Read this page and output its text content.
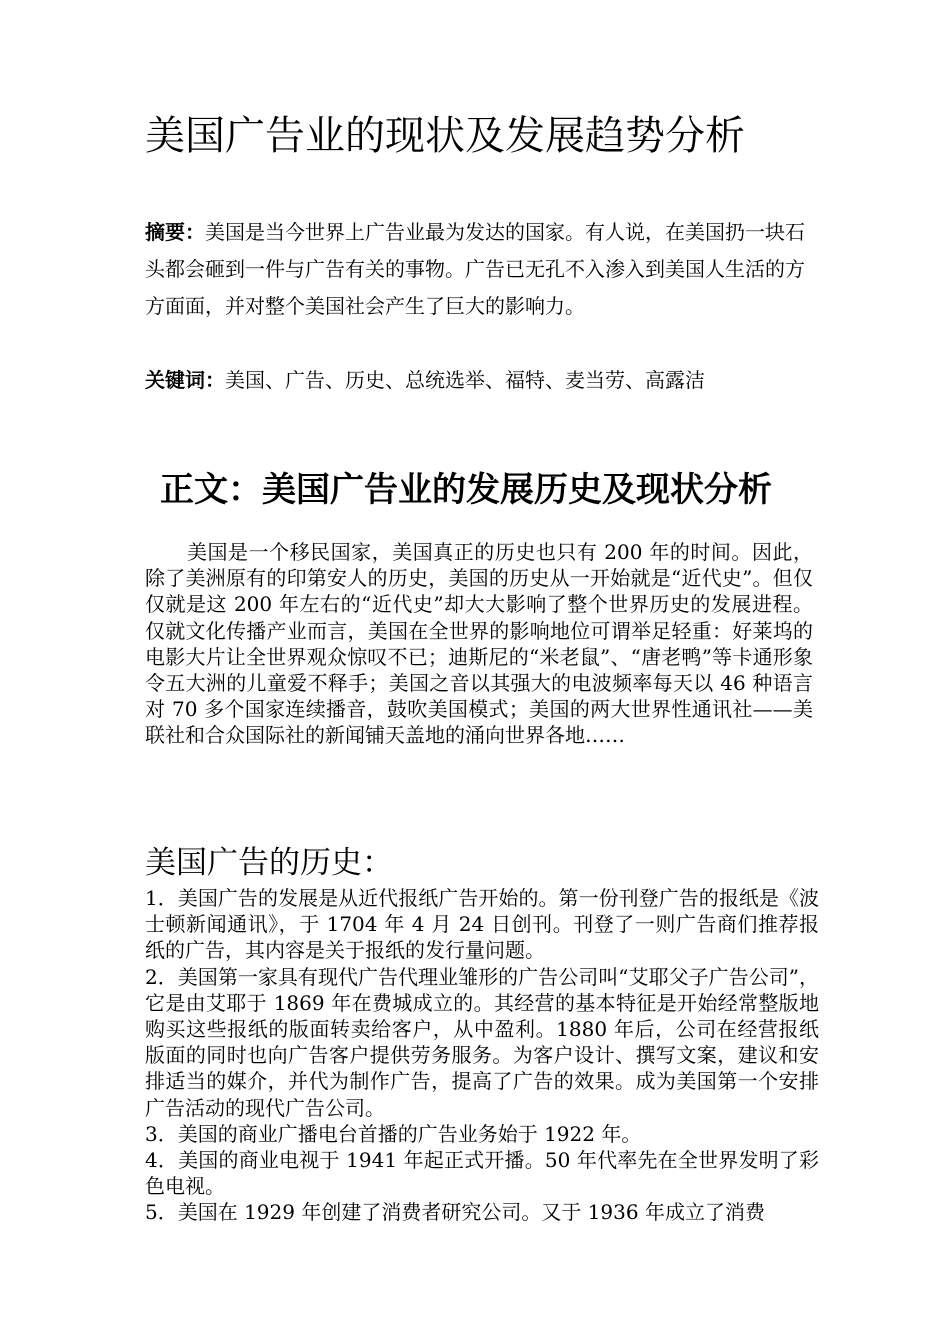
美国广告业的现状及发展趋势分析

摘要：美国是当今世界上广告业最为发达的国家。有人说，在美国扔一块石头都会砸到一件与广告有关的事物。广告已无孔不入渗入到美国人生活的方方面面，并对整个美国社会产生了巨大的影响力。

关键词：美国、广告、历史、总统选举、福特、麦当劳、高露洁

正文：美国广告业的发展历史及现状分析

美国是一个移民国家，美国真正的历史也只有 200 年的时间。因此，除了美洲原有的印第安人的历史，美国的历史从一开始就是“近代史”。但仅仅就是这 200 年左右的“近代史”却大大影响了整个世界历史的发展进程。仅就文化传播产业而言，美国在全世界的影响地位可谓举足轻重：好莱坞的电影大片让全世界观众惊叹不已；迪斯尼的“米老鼠”、“唐老鸭”等卡通形象令五大洲的儿童爱不释手；美国之音以其强大的电波频率每天以 46 种语言对 70 多个国家连续播音，鼓吹美国模式；美国的两大世界性通讯社——美联社和合众国际社的新闻铺天盖地的涌向世界各地……

美国广告的历史：
1．美国广告的发展是从近代报纸广告开始的。第一份刊登广告的报纸是《波士顿新闻通讯》，于 1704 年 4 月 24 日创刊。刊登了一则广告商们推荐报纸的广告，其内容是关于报纸的发行量问题。
2．美国第一家具有现代广告代理业雏形的广告公司叫“艾耶父子广告公司”，它是由艾耶于 1869 年在费城成立的。其经营的基本特征是开始经常整版地购买这些报纸的版面转卖给客户，从中盈利。1880 年后，公司在经营报纸版面的同时也向广告客户提供劳务服务。为客户设计、撰写文案，建议和安排适当的媒介，并代为制作广告，提高了广告的效果。成为美国第一个安排广告活动的现代广告公司。
3．美国的商业广播电台首播的广告业务始于 1922 年。
4．美国的商业电视于 1941 年起正式开播。50 年代率先在全世界发明了彩色电视。
5．美国在 1929 年创建了消费者研究公司。又于 1936 年成立了消费
